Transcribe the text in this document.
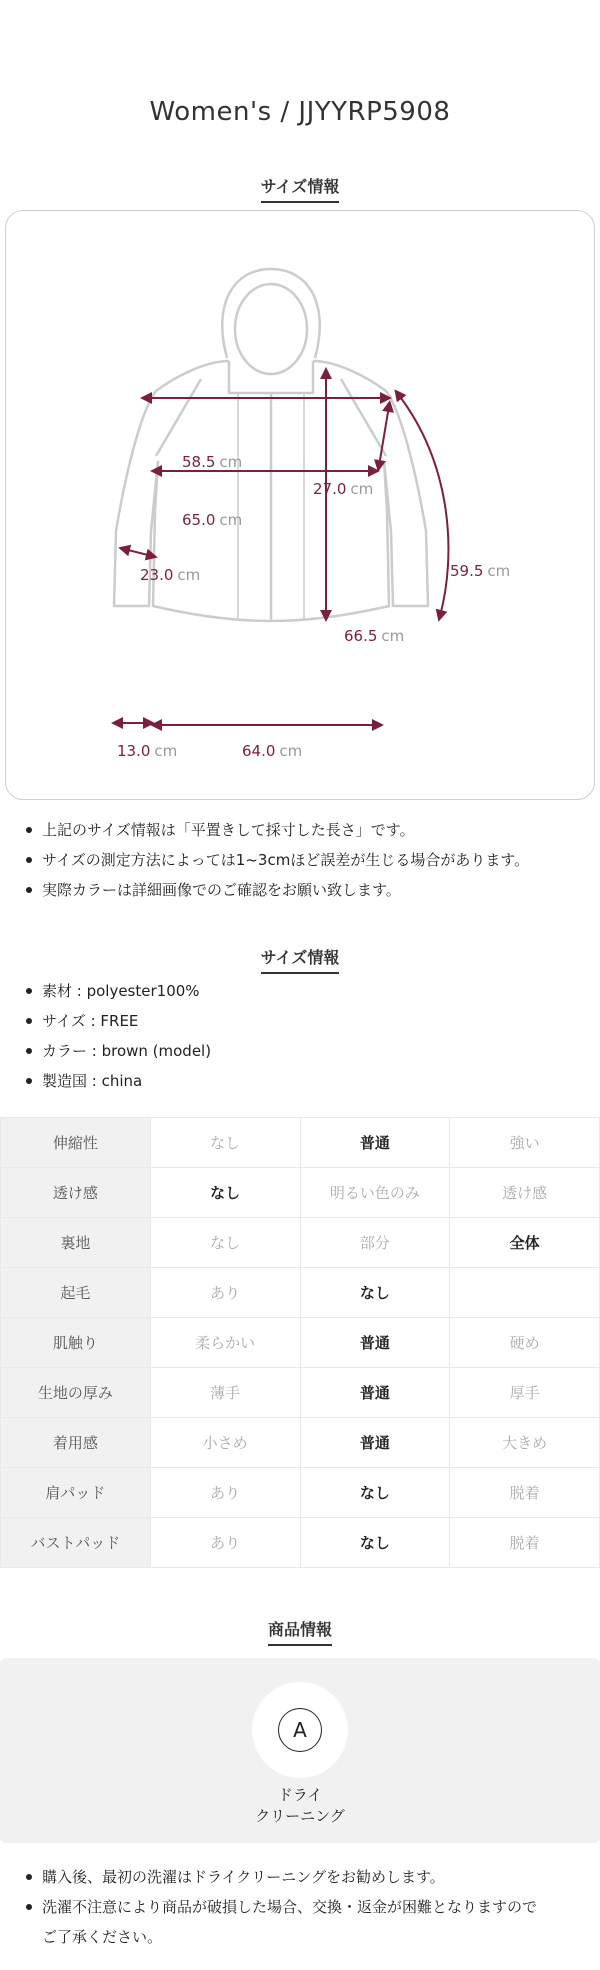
Women's / JJYYRP5908
サイズ情報
58.5 cm
27.0 cm
65.0 cm
59.5 cm
23.0 cm
66.5 cm
13.0 cm	64.0 cm
上記のサイズ情報は「平置きして採寸した長さ」です。
サイズの測定方法によっては1~3cmほど誤差が生じる場合があります。
実際カラーは詳細画像でのご確認をお願い致します。
サイズ情報
素材 : polyester100%
サイズ : FREE
カラー : brown (model)
製造国 : china
伸縮性	なし	普通	強い
透け感	なし	明るい色のみ	透け感
裏地	なし	部分	全体
起毛	あり	なし	
肌触り	柔らかい	普通	硬め
生地の厚み	薄手	普通	厚手
着用感	小さめ	普通	大きめ
肩パッド	あり	なし	脱着
バストパッド	あり	なし	脱着
商品情報
A
ドライ
クリーニング
購入後、最初の洗濯はドライクリーニングをお勧めします。
洗濯不注意により商品が破損した場合、交換・返金が困難となりますので
ご了承ください。
